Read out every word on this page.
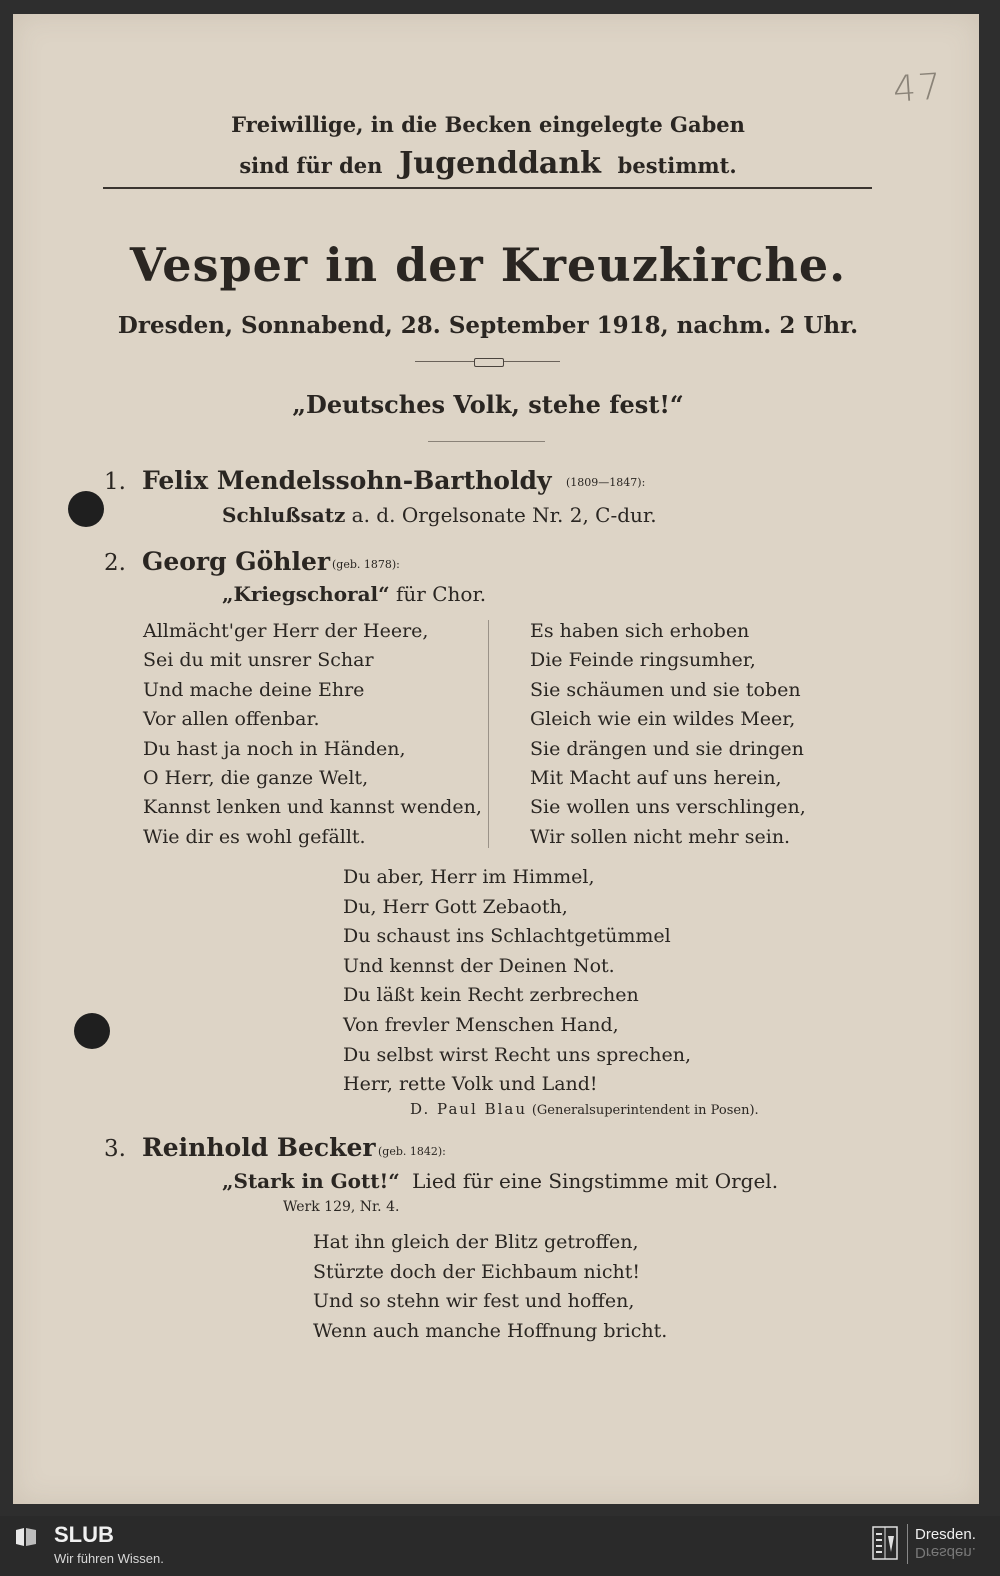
47
Freiwillige, in die Becken eingelegte Gaben
sind für den Jugenddank bestimmt.
Vesper in der Kreuzkirche.
Dresden, Sonnabend, 28. September 1918, nachm. 2 Uhr.
„Deutsches Volk, stehe fest!“
1. Felix Mendelssohn-Bartholdy (1809—1847):
Schlußsatz a. d. Orgelsonate Nr. 2, C-dur.
2. Georg Göhler (geb. 1878):
„Kriegschoral“ für Chor.
Allmächt'ger Herr der Heere,
Sei du mit unsrer Schar
Und mache deine Ehre
Vor allen offenbar.
Du hast ja noch in Händen,
O Herr, die ganze Welt,
Kannst lenken und kannst wenden,
Wie dir es wohl gefällt.
Es haben sich erhoben
Die Feinde ringsumher,
Sie schäumen und sie toben
Gleich wie ein wildes Meer,
Sie drängen und sie dringen
Mit Macht auf uns herein,
Sie wollen uns verschlingen,
Wir sollen nicht mehr sein.
Du aber, Herr im Himmel,
Du, Herr Gott Zebaoth,
Du schaust ins Schlachtgetümmel
Und kennst der Deinen Not.
Du läßt kein Recht zerbrechen
Von frevler Menschen Hand,
Du selbst wirst Recht uns sprechen,
Herr, rette Volk und Land!
D. Paul Blau (Generalsuperintendent in Posen).
3. Reinhold Becker (geb. 1842):
„Stark in Gott!“ Lied für eine Singstimme mit Orgel.
Werk 129, Nr. 4.
Hat ihn gleich der Blitz getroffen,
Stürzte doch der Eichbaum nicht!
Und so stehn wir fest und hoffen,
Wenn auch manche Hoffnung bricht.
SLUB
Wir führen Wissen.
Dresden.
Dresden.
